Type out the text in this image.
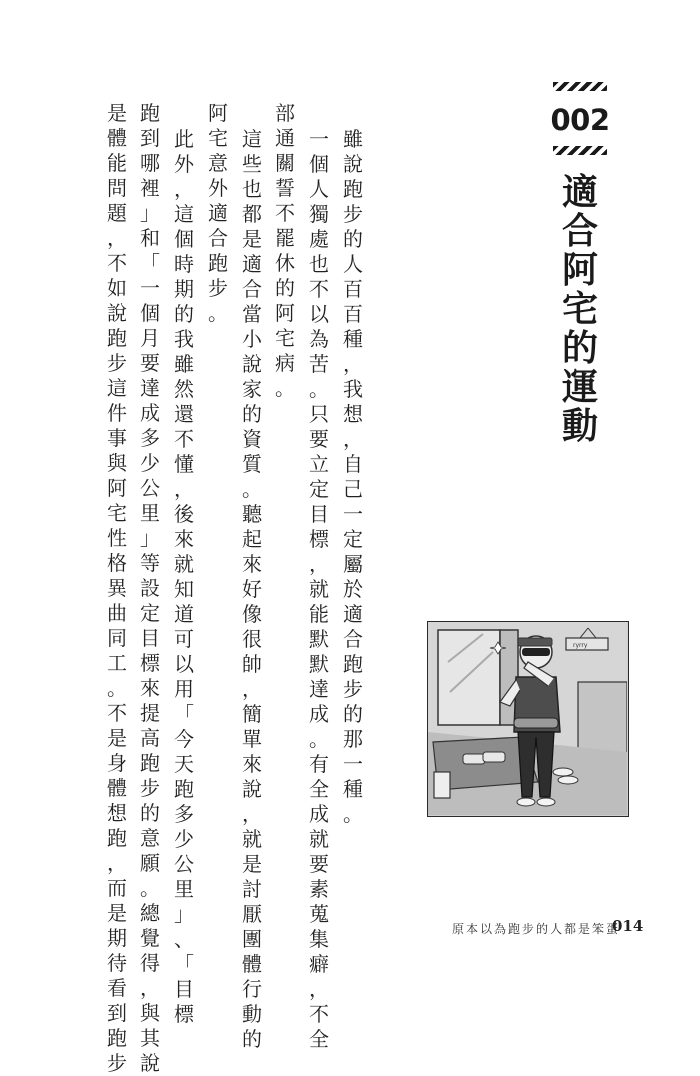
002
適
合
阿
宅
的
運
動
雖
說
跑
步
的
人
百
百
種
，
我
想
，
自
己
一
定
屬
於
適
合
跑
步
的
那
一
種
。
一
個
人
獨
處
也
不
以
為
苦
。
只
要
立
定
目
標
，
就
能
默
默
達
成
。
有
全
成
就
要
素
蒐
集
癖
，
不
全
部
通
關
誓
不
罷
休
的
阿
宅
病
。
這
些
也
都
是
適
合
當
小
說
家
的
資
質
。
聽
起
來
好
像
很
帥
，
簡
單
來
說
，
就
是
討
厭
團
體
行
動
的
阿
宅
意
外
適
合
跑
步
。
此
外
，
這
個
時
期
的
我
雖
然
還
不
懂
，
後
來
就
知
道
可
以
用
「
今
天
跑
多
少
公
里
」
、
「
目
標
跑
到
哪
裡
」
和
「
一
個
月
要
達
成
多
少
公
里
」
等
設
定
目
標
來
提
高
跑
步
的
意
願
。
總
覺
得
，
與
其
說
是
體
能
問
題
，
不
如
說
跑
步
這
件
事
與
阿
宅
性
格
異
曲
同
工
。
不
是
身
體
想
跑
，
而
是
期
待
看
到
跑
步
ryrry
原本以為跑步的人都是笨蛋
014
